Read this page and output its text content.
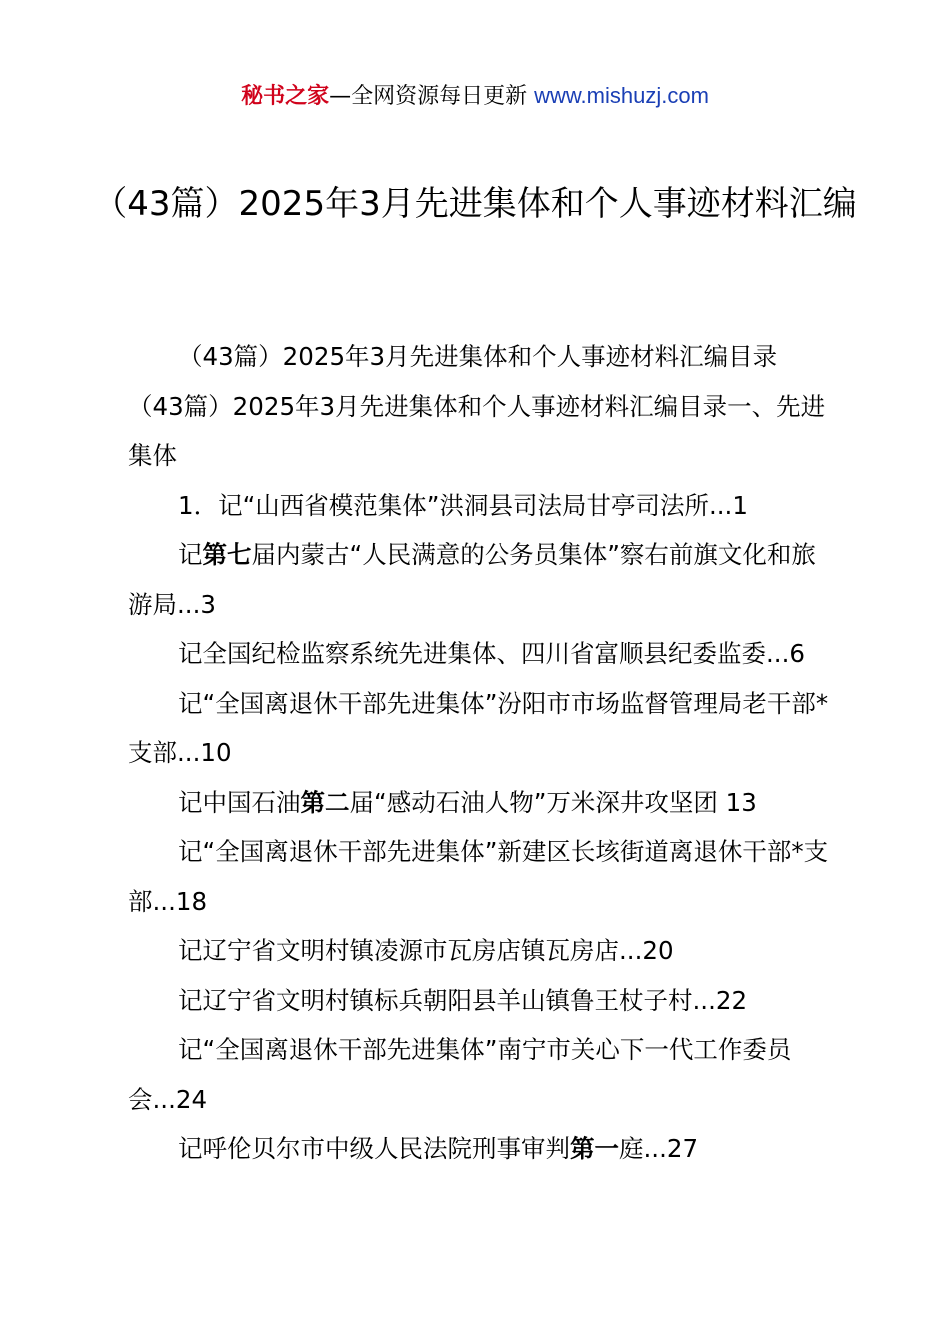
秘书之家—全网资源每日更新 www.mishuzj.com
（43篇）2025年3月先进集体和个人事迹材料汇编

（43篇）2025年3月先进集体和个人事迹材料汇编目录

（43篇）2025年3月先进集体和个人事迹材料汇编目录一、先进集体

1．记“山西省模范集体”洪洞县司法局甘亭司法所...1

记第七届内蒙古“人民满意的公务员集体”察右前旗文化和旅游局...3

记全国纪检监察系统先进集体、四川省富顺县纪委监委...6

记“全国离退休干部先进集体”汾阳市市场监督管理局老干部*支部...10

记中国石油第二届“感动石油人物”万米深井攻坚团 13

记“全国离退休干部先进集体”新建区长垓街道离退休干部*支部...18

记辽宁省文明村镇凌源市瓦房店镇瓦房店...20

记辽宁省文明村镇标兵朝阳县羊山镇鲁王杖子村...22

记“全国离退休干部先进集体”南宁市关心下一代工作委员会...24

记呼伦贝尔市中级人民法院刑事审判第一庭...27
